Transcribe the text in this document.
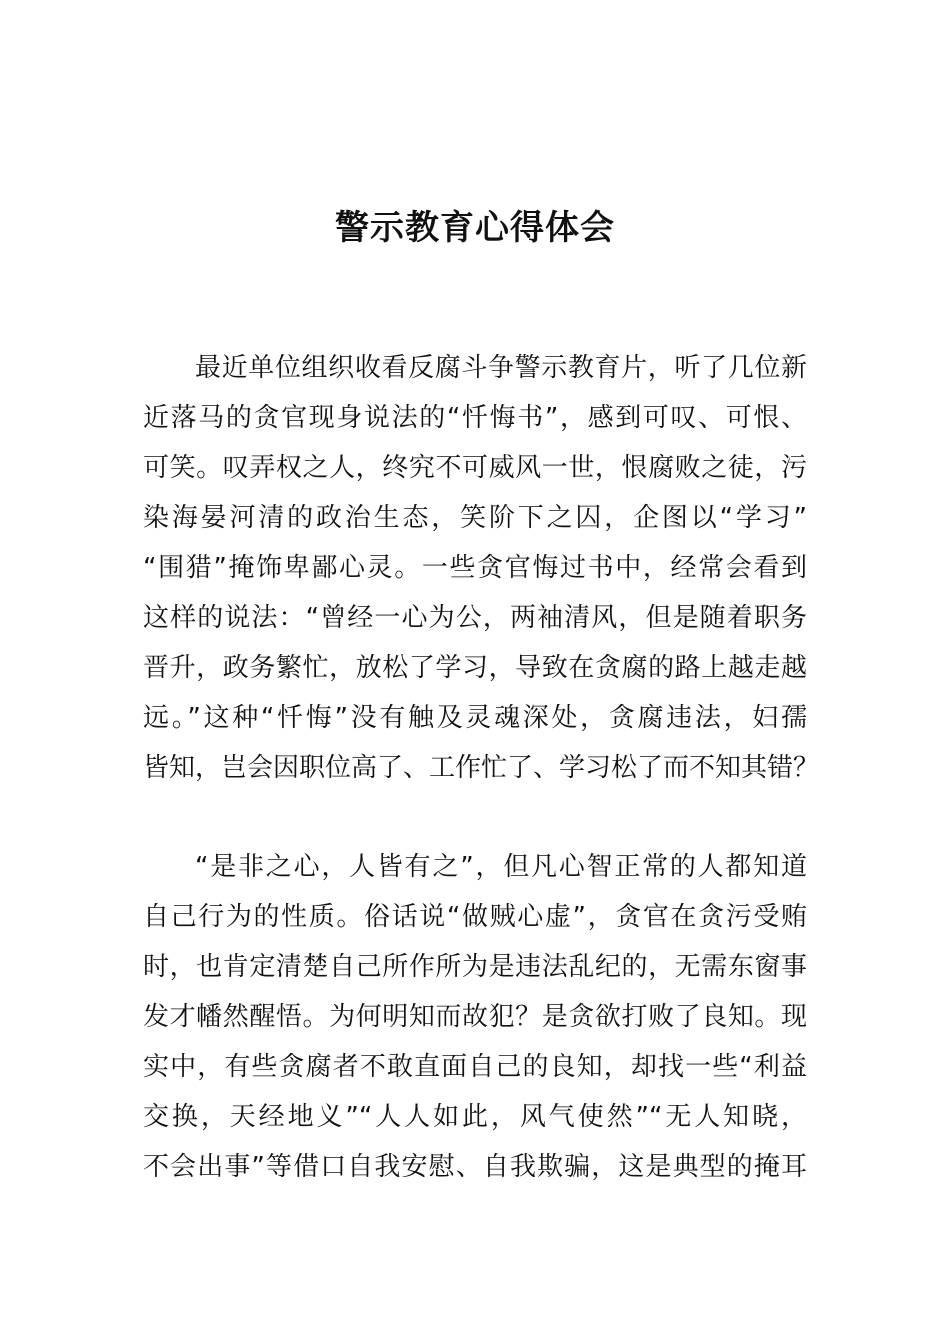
警示教育心得体会
最近单位组织收看反腐斗争警示教育片，听了几位新
近落马的贪官现身说法的“忏悔书”，感到可叹、可恨、
可笑。叹弄权之人，终究不可威风一世，恨腐败之徒，污
染海晏河清的政治生态，笑阶下之囚，企图以“学习”
“围猎”掩饰卑鄙心灵。一些贪官悔过书中，经常会看到
这样的说法：“曾经一心为公，两袖清风，但是随着职务
晋升，政务繁忙，放松了学习，导致在贪腐的路上越走越
远。”这种“忏悔”没有触及灵魂深处，贪腐违法，妇孺
皆知，岂会因职位高了、工作忙了、学习松了而不知其错？
“是非之心，人皆有之”，但凡心智正常的人都知道
自己行为的性质。俗话说“做贼心虚”，贪官在贪污受贿
时，也肯定清楚自己所作所为是违法乱纪的，无需东窗事
发才幡然醒悟。为何明知而故犯？是贪欲打败了良知。现
实中，有些贪腐者不敢直面自己的良知，却找一些“利益
交换，天经地义”“人人如此，风气使然”“无人知晓，
不会出事”等借口自我安慰、自我欺骗，这是典型的掩耳
